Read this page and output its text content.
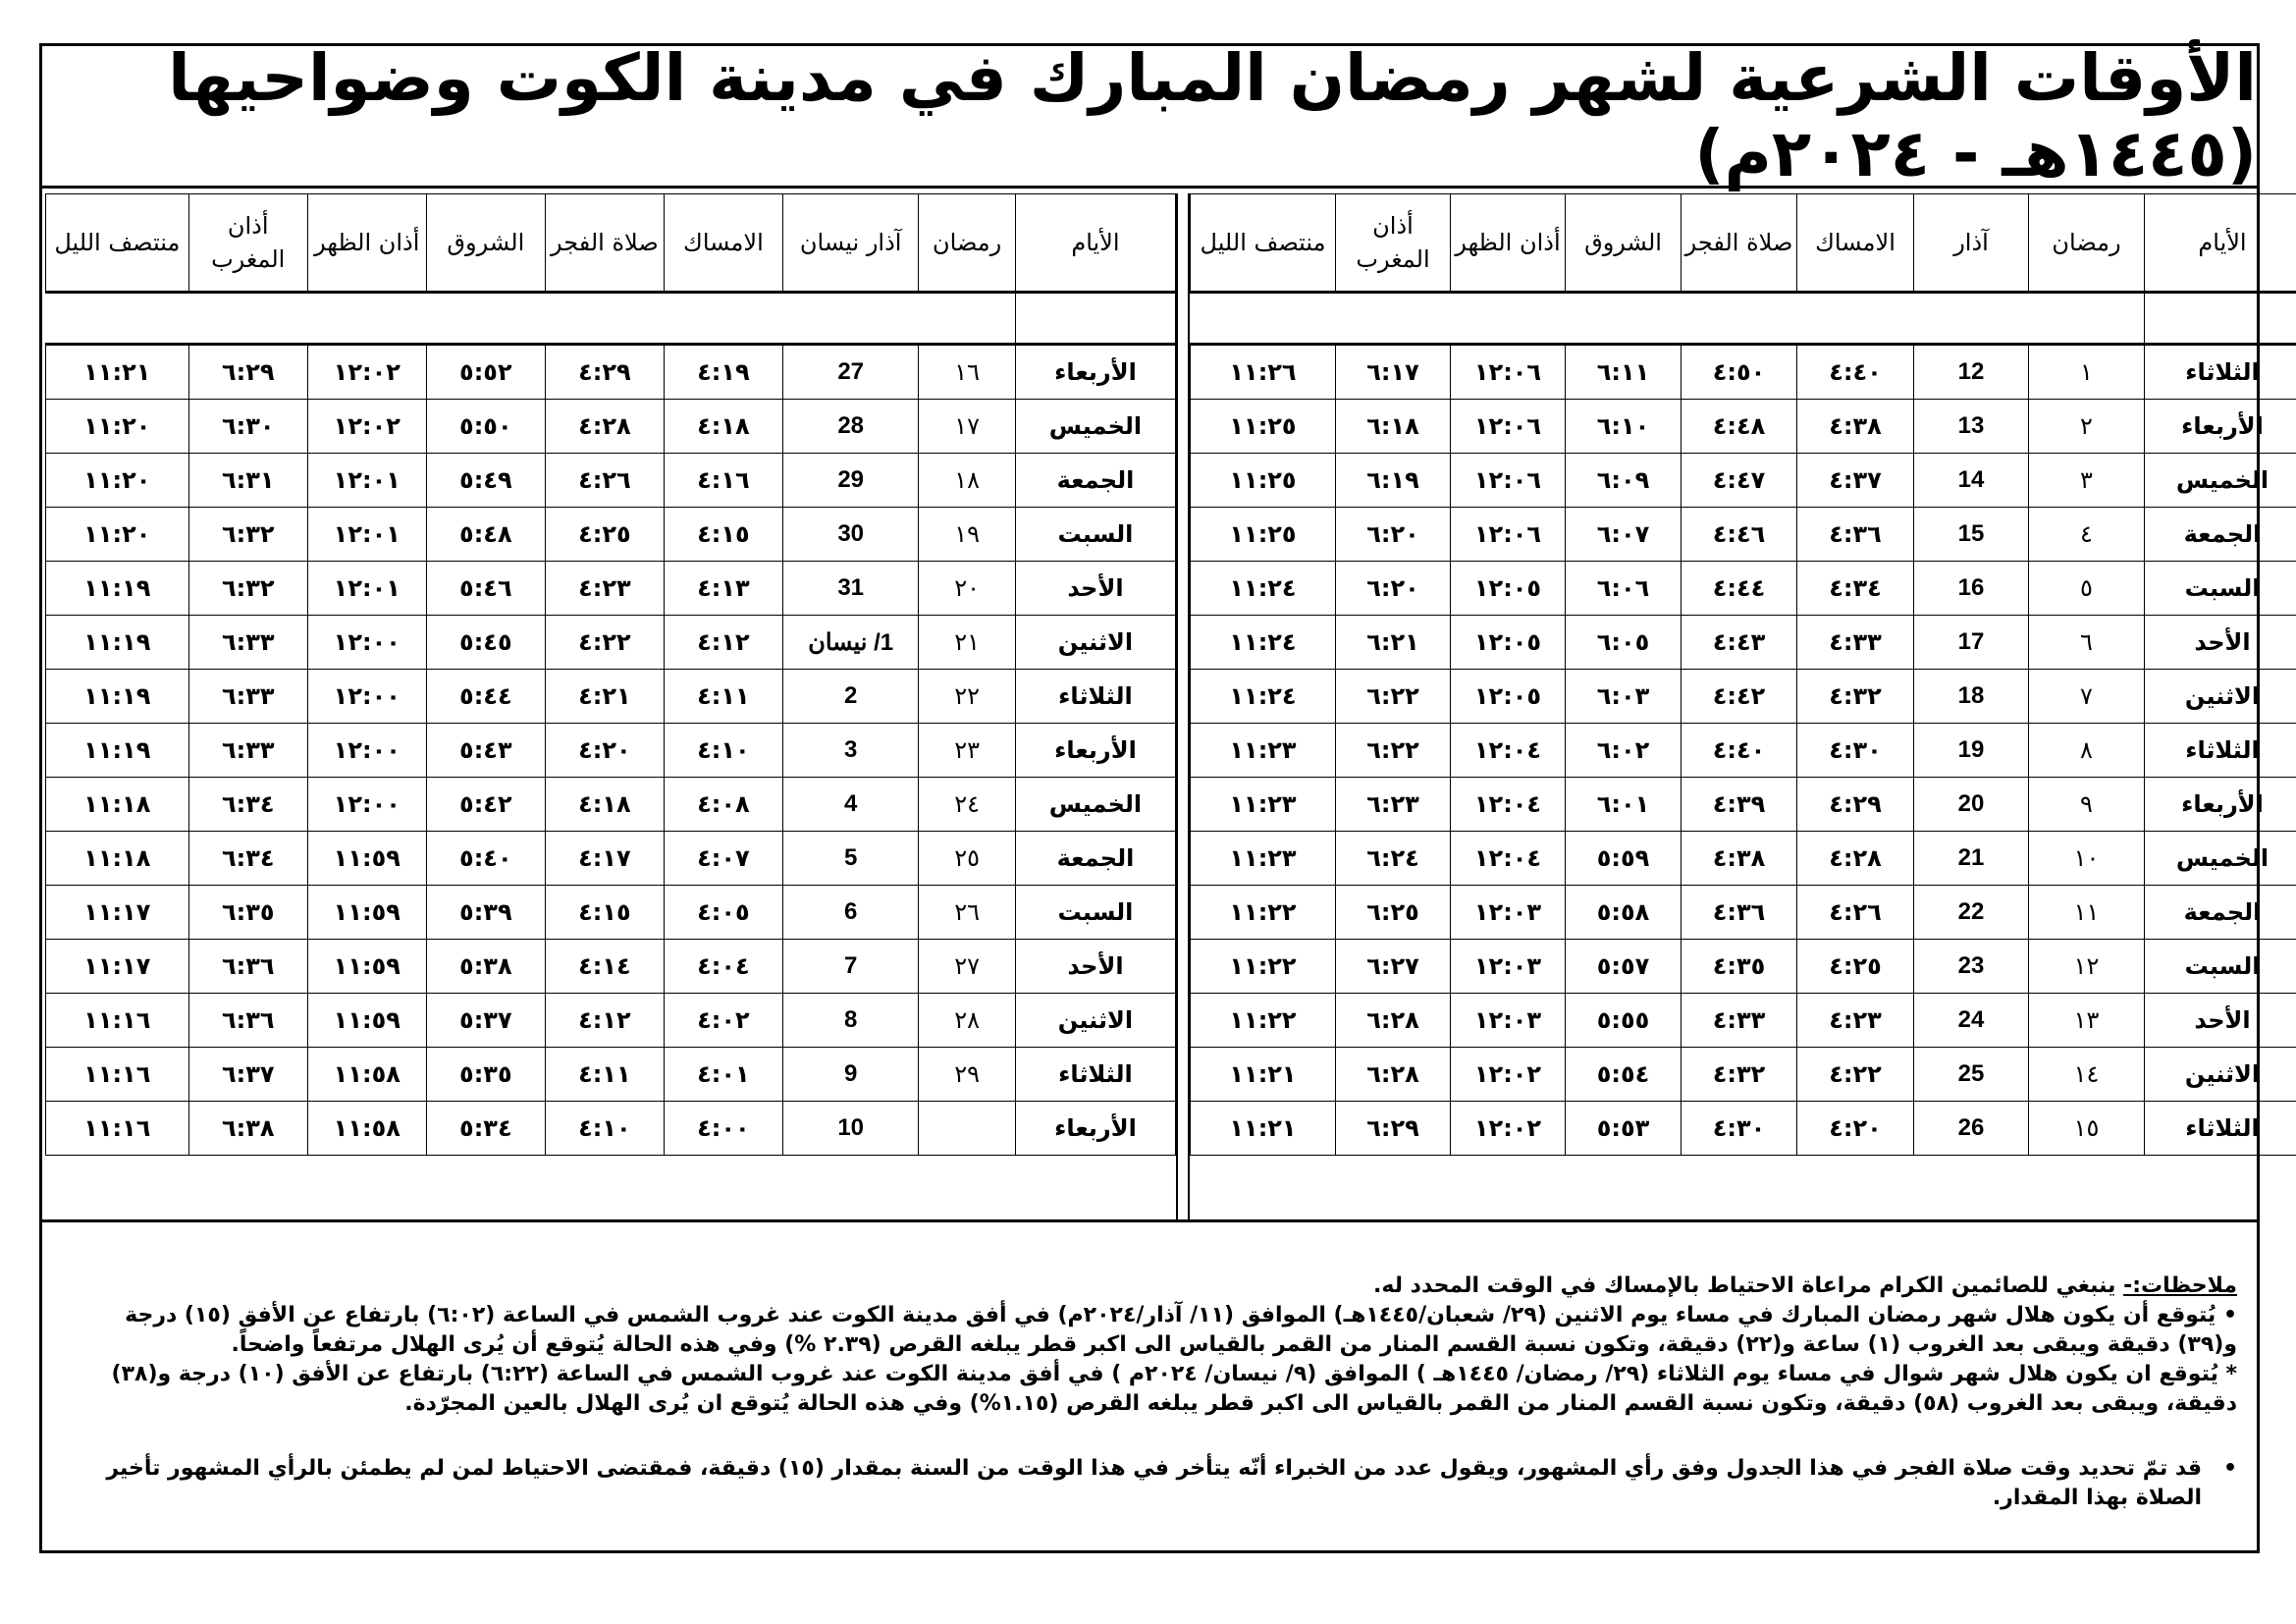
الأوقات الشرعية لشهر رمضان المبارك في مدينة الكوت وضواحيها (١٤٤٥هـ - ٢٠٢٤م)
الأيام	رمضان	آذار	الامساك	صلاة الفجر	الشروق	أذان الظهر	أذان المغرب	منتصف الليل

الثلاثاء	١	12	٤:٤٠	٤:٥٠	٦:١١	١٢:٠٦	٦:١٧	١١:٢٦
الأربعاء	٢	13	٤:٣٨	٤:٤٨	٦:١٠	١٢:٠٦	٦:١٨	١١:٢٥
الخميس	٣	14	٤:٣٧	٤:٤٧	٦:٠٩	١٢:٠٦	٦:١٩	١١:٢٥
الجمعة	٤	15	٤:٣٦	٤:٤٦	٦:٠٧	١٢:٠٦	٦:٢٠	١١:٢٥
السبت	٥	16	٤:٣٤	٤:٤٤	٦:٠٦	١٢:٠٥	٦:٢٠	١١:٢٤
الأحد	٦	17	٤:٣٣	٤:٤٣	٦:٠٥	١٢:٠٥	٦:٢١	١١:٢٤
الاثنين	٧	18	٤:٣٢	٤:٤٢	٦:٠٣	١٢:٠٥	٦:٢٢	١١:٢٤
الثلاثاء	٨	19	٤:٣٠	٤:٤٠	٦:٠٢	١٢:٠٤	٦:٢٢	١١:٢٣
الأربعاء	٩	20	٤:٢٩	٤:٣٩	٦:٠١	١٢:٠٤	٦:٢٣	١١:٢٣
الخميس	١٠	21	٤:٢٨	٤:٣٨	٥:٥٩	١٢:٠٤	٦:٢٤	١١:٢٣
الجمعة	١١	22	٤:٢٦	٤:٣٦	٥:٥٨	١٢:٠٣	٦:٢٥	١١:٢٢
السبت	١٢	23	٤:٢٥	٤:٣٥	٥:٥٧	١٢:٠٣	٦:٢٧	١١:٢٢
الأحد	١٣	24	٤:٢٣	٤:٣٣	٥:٥٥	١٢:٠٣	٦:٢٨	١١:٢٢
الاثنين	١٤	25	٤:٢٢	٤:٣٢	٥:٥٤	١٢:٠٢	٦:٢٨	١١:٢١
الثلاثاء	١٥	26	٤:٢٠	٤:٣٠	٥:٥٣	١٢:٠٢	٦:٢٩	١١:٢١
الأيام	رمضان	آذار نيسان	الامساك	صلاة الفجر	الشروق	أذان الظهر	أذان المغرب	منتصف الليل

الأربعاء	١٦	27	٤:١٩	٤:٢٩	٥:٥٢	١٢:٠٢	٦:٢٩	١١:٢١
الخميس	١٧	28	٤:١٨	٤:٢٨	٥:٥٠	١٢:٠٢	٦:٣٠	١١:٢٠
الجمعة	١٨	29	٤:١٦	٤:٢٦	٥:٤٩	١٢:٠١	٦:٣١	١١:٢٠
السبت	١٩	30	٤:١٥	٤:٢٥	٥:٤٨	١٢:٠١	٦:٣٢	١١:٢٠
الأحد	٢٠	31	٤:١٣	٤:٢٣	٥:٤٦	١٢:٠١	٦:٣٢	١١:١٩
الاثنين	٢١	1/ نيسان	٤:١٢	٤:٢٢	٥:٤٥	١٢:٠٠	٦:٣٣	١١:١٩
الثلاثاء	٢٢	2	٤:١١	٤:٢١	٥:٤٤	١٢:٠٠	٦:٣٣	١١:١٩
الأربعاء	٢٣	3	٤:١٠	٤:٢٠	٥:٤٣	١٢:٠٠	٦:٣٣	١١:١٩
الخميس	٢٤	4	٤:٠٨	٤:١٨	٥:٤٢	١٢:٠٠	٦:٣٤	١١:١٨
الجمعة	٢٥	5	٤:٠٧	٤:١٧	٥:٤٠	١١:٥٩	٦:٣٤	١١:١٨
السبت	٢٦	6	٤:٠٥	٤:١٥	٥:٣٩	١١:٥٩	٦:٣٥	١١:١٧
الأحد	٢٧	7	٤:٠٤	٤:١٤	٥:٣٨	١١:٥٩	٦:٣٦	١١:١٧
الاثنين	٢٨	8	٤:٠٢	٤:١٢	٥:٣٧	١١:٥٩	٦:٣٦	١١:١٦
الثلاثاء	٢٩	9	٤:٠١	٤:١١	٥:٣٥	١١:٥٨	٦:٣٧	١١:١٦
الأربعاء		10	٤:٠٠	٤:١٠	٥:٣٤	١١:٥٨	٦:٣٨	١١:١٦

ملاحظات:- ينبغي للصائمين الكرام مراعاة الاحتياط بالإمساك في الوقت المحدد له.

• يُتوقع أن يكون هلال شهر رمضان المبارك في مساء يوم الاثنين (٢٩/ شعبان/١٤٤٥هـ) الموافق (١١/ آذار/٢٠٢٤م) في أفق مدينة الكوت عند غروب الشمس في الساعة (٦:٠٢) بارتفاع عن الأفق (١٥) درجة و(٣٩) دقيقة ويبقى بعد الغروب (١) ساعة و(٢٢) دقيقة، وتكون نسبة القسم المنار من القمر بالقياس الى اكبر قطر يبلغه القرص (٢.٣٩ %) وفي هذه الحالة يُتوقع أن يُرى الهلال مرتفعاً واضحاً.

* يُتوقع ان يكون هلال شهر شوال في مساء يوم الثلاثاء (٢٩/ رمضان/ ١٤٤٥هـ ) الموافق (٩/ نيسان/ ٢٠٢٤م ) في أفق مدينة الكوت عند غروب الشمس في الساعة (٦:٢٢) بارتفاع عن الأفق (١٠) درجة و(٣٨) دقيقة، ويبقى بعد الغروب (٥٨) دقيقة، وتكون نسبة القسم المنار من القمر بالقياس الى اكبر قطر يبلغه القرص (١.١٥%) وفي هذه الحالة يُتوقع ان يُرى الهلال بالعين المجرّدة.

•
قد تمّ تحديد وقت صلاة الفجر في هذا الجدول وفق رأي المشهور، ويقول عدد من الخبراء أنّه يتأخر في هذا الوقت من السنة بمقدار (١٥) دقيقة، فمقتضى الاحتياط لمن لم يطمئن بالرأي المشهور تأخير الصلاة بهذا المقدار.
